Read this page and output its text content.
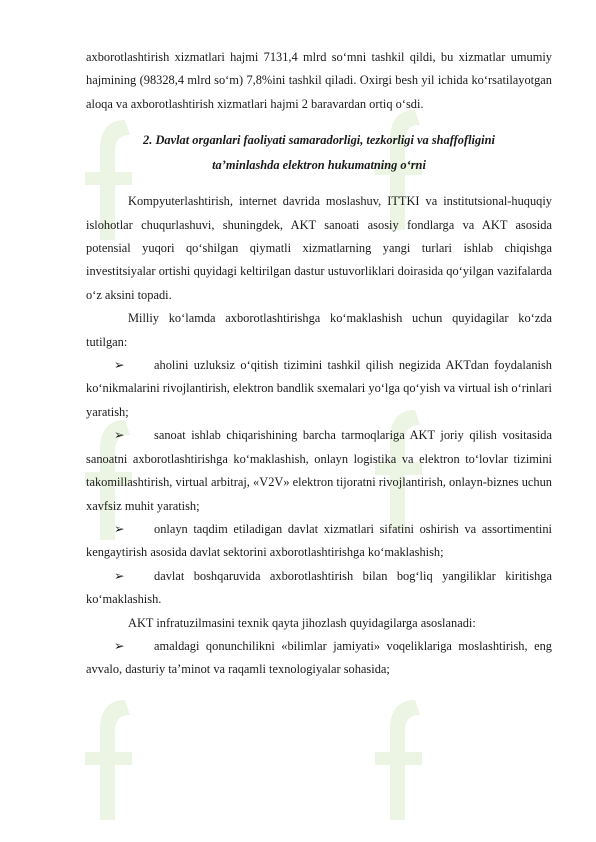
axborotlashtirish xizmatlari hajmi 7131,4 mlrd so‘mni tashkil qildi, bu xizmatlar umumiy hajmining (98328,4 mlrd so‘m) 7,8%ini tashkil qiladi. Oxirgi besh yil ichida ko‘rsatilayotgan aloqa va axborotlashtirish xizmatlari hajmi 2 baravardan ortiq o‘sdi.

2. Davlat organlari faoliyati samaradorligi, tezkorligi va shaffofligini
ta’minlashda elektron hukumatning o‘rni

Kompyuterlashtirish, internet davrida moslashuv, ITTKI va institutsional-huquqiy islohotlar chuqurlashuvi, shuningdek, AKT sanoati asosiy fondlarga va AKT asosida potensial yuqori qo‘shilgan qiymatli xizmatlarning yangi turlari ishlab chiqishga investitsiyalar ortishi quyidagi keltirilgan dastur ustuvorliklari doirasida qo‘yilgan vazifalarda o‘z aksini topadi.

Milliy ko‘lamda axborotlashtirishga ko‘maklashish uchun quyidagilar ko‘zda tutilgan:

➢ aholini uzluksiz o‘qitish tizimini tashkil qilish negizida AKTdan foydalanish ko‘nikmalarini rivojlantirish, elektron bandlik sxemalari yo‘lga qo‘yish va virtual ish o‘rinlari yaratish;

➢ sanoat ishlab chiqarishining barcha tarmoqlariga AKT joriy qilish vositasida sanoatni axborotlashtirishga ko‘maklashish, onlayn logistika va elektron to‘lovlar tizimini takomillashtirish, virtual arbitraj, «V2V» elektron tijoratni rivojlantirish, onlayn-biznes uchun xavfsiz muhit yaratish;

➢ onlayn taqdim etiladigan davlat xizmatlari sifatini oshirish va assortimentini kengaytirish asosida davlat sektorini axborotlashtirishga ko‘maklashish;

➢ davlat boshqaruvida axborotlashtirish bilan bog‘liq yangiliklar kiritishga ko‘maklashish.

AKT infratuzilmasini texnik qayta jihozlash quyidagilarga asoslanadi:

➢ amaldagi qonunchilikni «bilimlar jamiyati» voqeliklariga moslashtirish, eng avvalo, dasturiy ta’minot va raqamli texnologiyalar sohasida;
